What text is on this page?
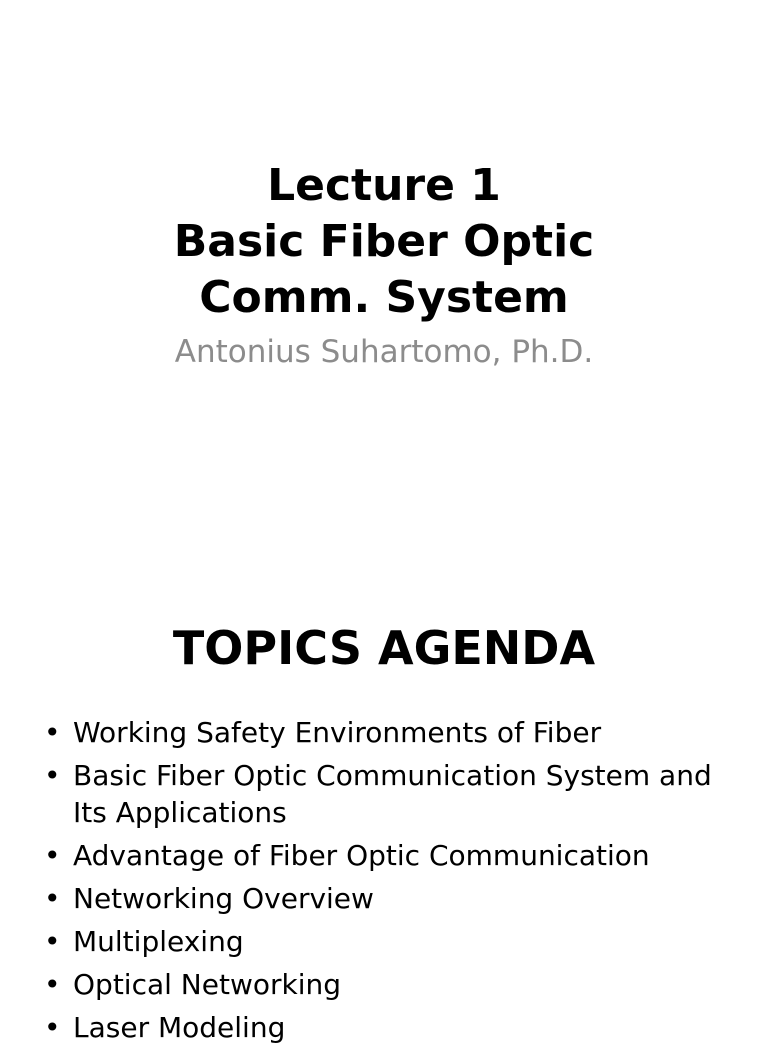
Lecture 1
Basic Fiber Optic
Comm. System
Antonius Suhartomo, Ph.D.
TOPICS AGENDA
• Working Safety Environments of Fiber
• Basic Fiber Optic Communication System and Its Applications
• Advantage of Fiber Optic Communication
• Networking Overview
• Multiplexing
• Optical Networking
• Laser Modeling
